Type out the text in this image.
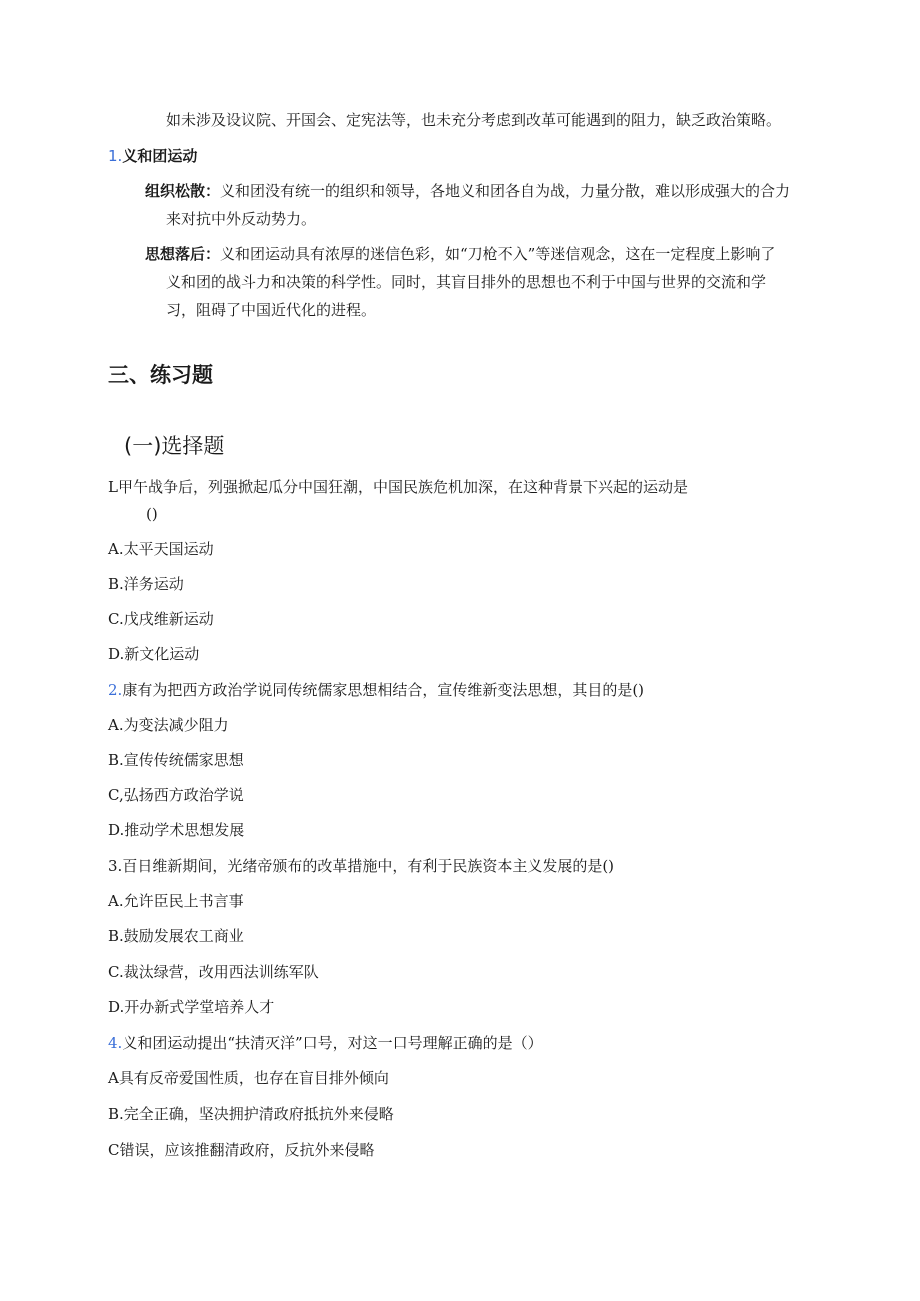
如未涉及设议院、开国会、定宪法等，也未充分考虑到改革可能遇到的阻力，缺乏政治策略。
1.义和团运动
组织松散：义和团没有统一的组织和领导，各地义和团各自为战，力量分散，难以形成强大的合力
来对抗中外反动势力。
思想落后：义和团运动具有浓厚的迷信色彩，如“刀枪不入”等迷信观念，这在一定程度上影响了
义和团的战斗力和决策的科学性。同时，其盲目排外的思想也不利于中国与世界的交流和学
习，阻碍了中国近代化的进程。
三、练习题
(一)选择题
L甲午战争后，列强掀起瓜分中国狂潮，中国民族危机加深，在这种背景下兴起的运动是
()
A.太平天国运动
B.洋务运动
C.戊戌维新运动
D.新文化运动
2.康有为把西方政治学说同传统儒家思想相结合，宣传维新变法思想，其目的是()
A.为变法减少阻力
B.宣传传统儒家思想
C,弘扬西方政治学说
D.推动学术思想发展
3.百日维新期间，光绪帝颁布的改革措施中，有利于民族资本主义发展的是()
A.允许臣民上书言事
B.鼓励发展农工商业
C.裁汰绿营，改用西法训练军队
D.开办新式学堂培养人才
4.义和团运动提出“扶清灭洋”口号，对这一口号理解正确的是（）
A具有反帝爱国性质，也存在盲目排外倾向
B.完全正确，坚决拥护清政府抵抗外来侵略
C错误，应该推翻清政府，反抗外来侵略
